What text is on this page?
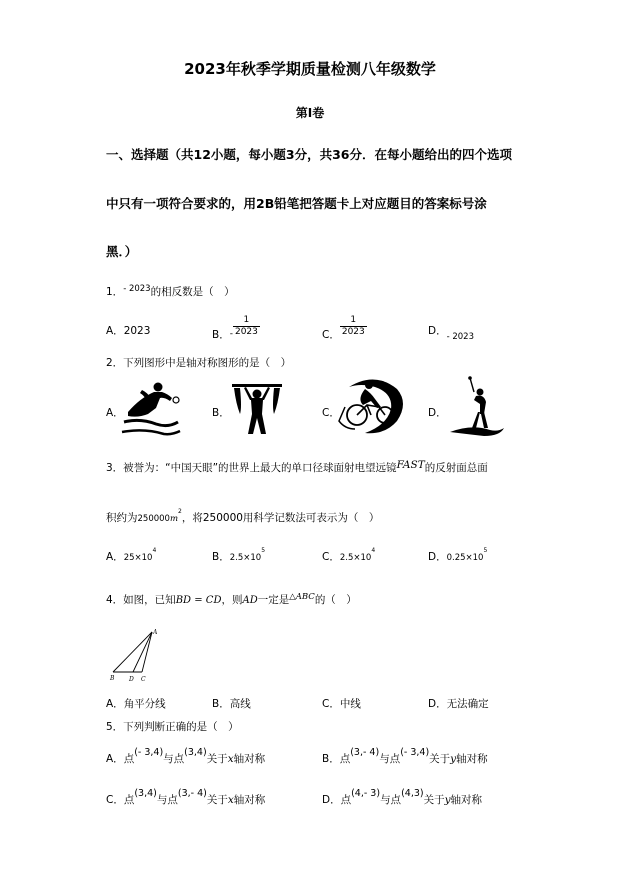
2023年秋季学期质量检测八年级数学
第Ⅰ卷
一、选择题（共12小题，每小题3分，共36分．在每小题给出的四个选项
中只有一项符合要求的，用2B铅笔把答题卡上对应题目的答案标号涂
黑．）
1．$^{- 2023}$的相反数是（　）
A．2023	B．- $\frac{1}{2023}$	C． $\frac{1}{2023}$	D．$_{- 2023}$
2．下列图形中是轴对称图形的是（　）
A．	B．	C．	D．
3．被誉为：“中国天眼”的世界上最大的单口径球面射电望远镜FAST的反射面总面
积约为$250000m^2$，将250000用科学记数法可表示为（　）
A．$25\times 10^4$
B．$2.5\times 10^5$
C．$2.5\times 10^4$
D．$0.25\times 10^5$
4．如图，已知BD = CD，则AD一定是$^{\triangle ABC}$的（　）
A
B D C
A．角平分线	B．高线	C．中线	D．无法确定
5．下列判断正确的是（　）
A．点(- 3,4)与点(3,4)关于x轴对称	B．点(3,- 4)与点(- 3,4)关于y轴对称
C．点(3,4)与点(3,- 4)关于x轴对称	D．点(4,- 3)与点(4,3)关于y轴对称
